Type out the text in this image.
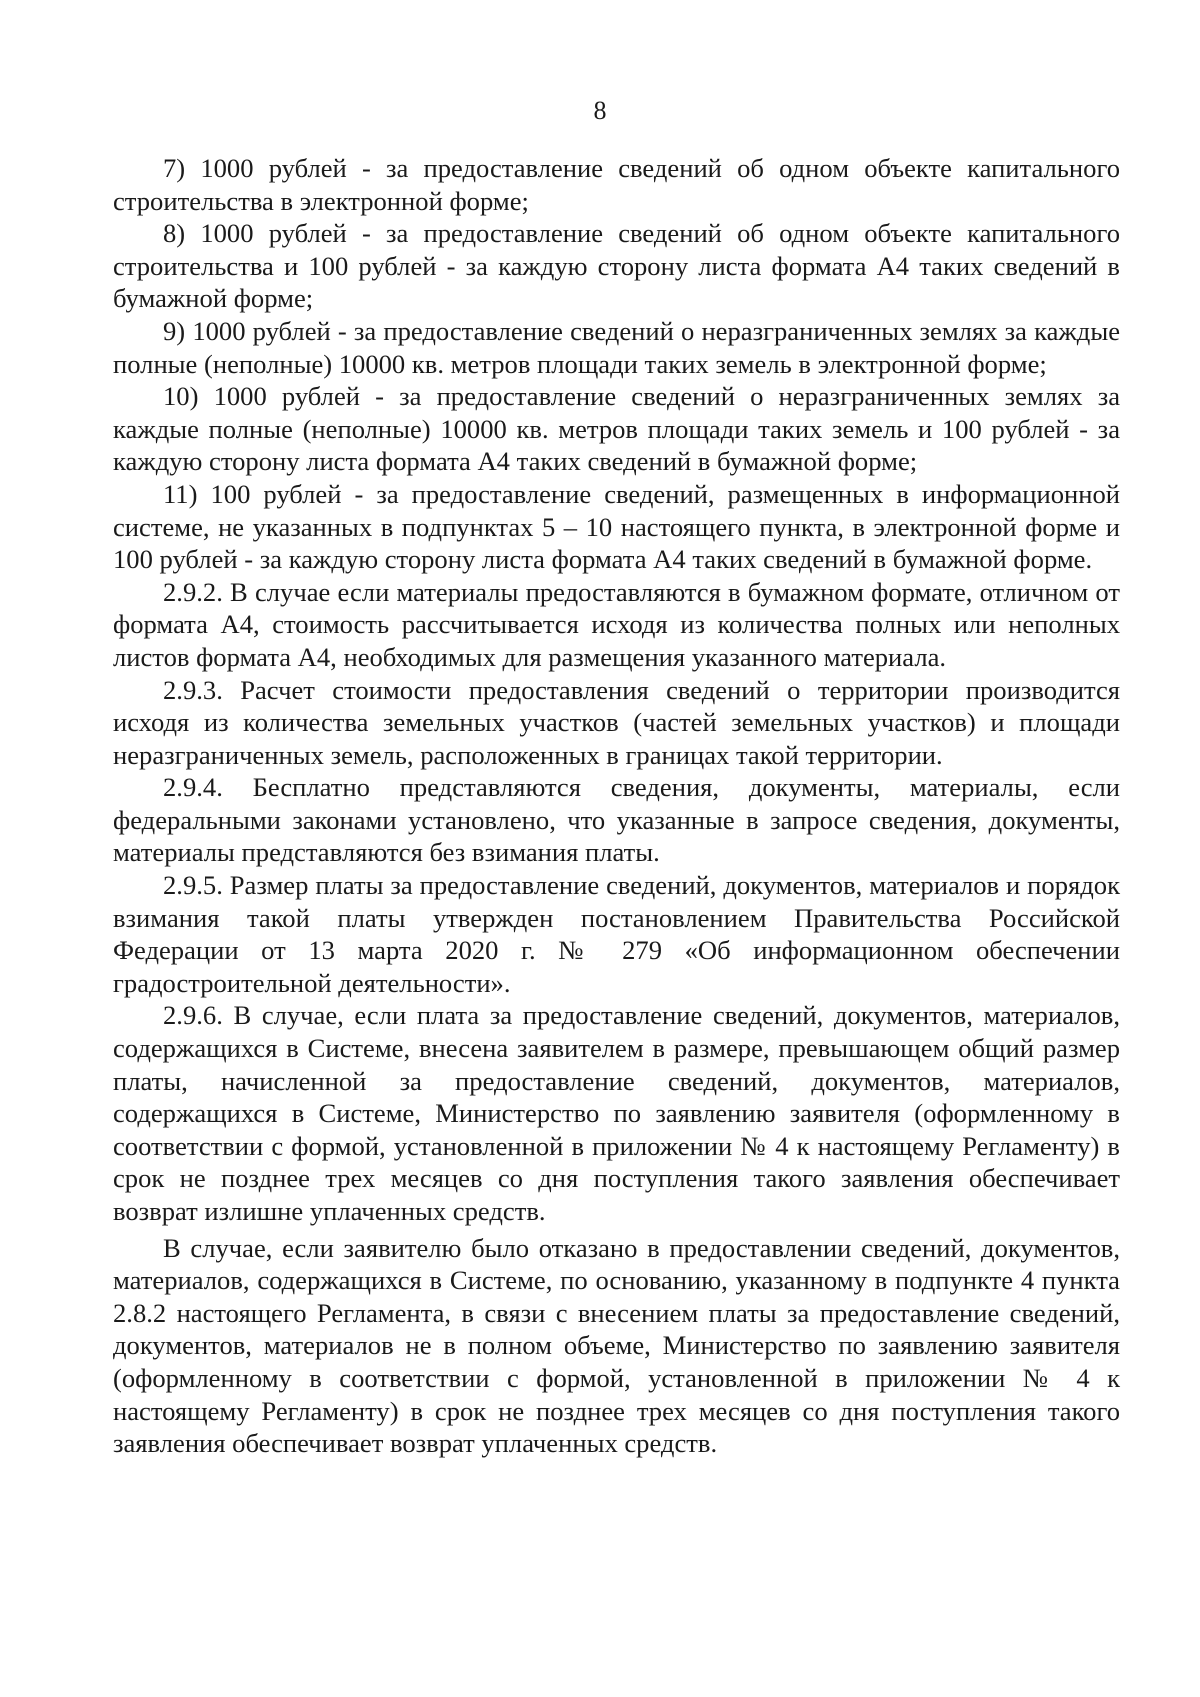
8

7) 1000 рублей - за предоставление сведений об одном объекте капитального строительства в электронной форме;

8) 1000 рублей - за предоставление сведений об одном объекте капитального строительства и 100 рублей - за каждую сторону листа формата А4 таких сведений в бумажной форме;

9) 1000 рублей - за предоставление сведений о неразграниченных землях за каждые полные (неполные) 10000 кв. метров площади таких земель в электронной форме;

10) 1000 рублей - за предоставление сведений о неразграниченных землях за каждые полные (неполные) 10000 кв. метров площади таких земель и 100 рублей - за каждую сторону листа формата А4 таких сведений в бумажной форме;

11) 100 рублей - за предоставление сведений, размещенных в информационной системе, не указанных в подпунктах 5 – 10 настоящего пункта, в электронной форме и 100 рублей - за каждую сторону листа формата А4 таких сведений в бумажной форме.

2.9.2. В случае если материалы предоставляются в бумажном формате, отличном от формата А4, стоимость рассчитывается исходя из количества полных или неполных листов формата А4, необходимых для размещения указанного материала.

2.9.3. Расчет стоимости предоставления сведений о территории производится исходя из количества земельных участков (частей земельных участков) и площади неразграниченных земель, расположенных в границах такой территории.

2.9.4. Бесплатно представляются сведения, документы, материалы, если федеральными законами установлено, что указанные в запросе сведения, документы, материалы представляются без взимания платы.

2.9.5. Размер платы за предоставление сведений, документов, материалов и порядок взимания такой платы утвержден постановлением Правительства Российской Федерации от 13 марта 2020 г. № 279 «Об информационном обеспечении градостроительной деятельности».

2.9.6. В случае, если плата за предоставление сведений, документов, материалов, содержащихся в Системе, внесена заявителем в размере, превышающем общий размер платы, начисленной за предоставление сведений, документов, материалов, содержащихся в Системе, Министерство по заявлению заявителя (оформленному в соответствии с формой, установленной в приложении № 4 к настоящему Регламенту) в срок не позднее трех месяцев со дня поступления такого заявления обеспечивает возврат излишне уплаченных средств.

В случае, если заявителю было отказано в предоставлении сведений, документов, материалов, содержащихся в Системе, по основанию, указанному в подпункте 4 пункта 2.8.2 настоящего Регламента, в связи с внесением платы за предоставление сведений, документов, материалов не в полном объеме, Министерство по заявлению заявителя (оформленному в соответствии с формой, установленной в приложении № 4 к настоящему Регламенту) в срок не позднее трех месяцев со дня поступления такого заявления обеспечивает возврат уплаченных средств.
